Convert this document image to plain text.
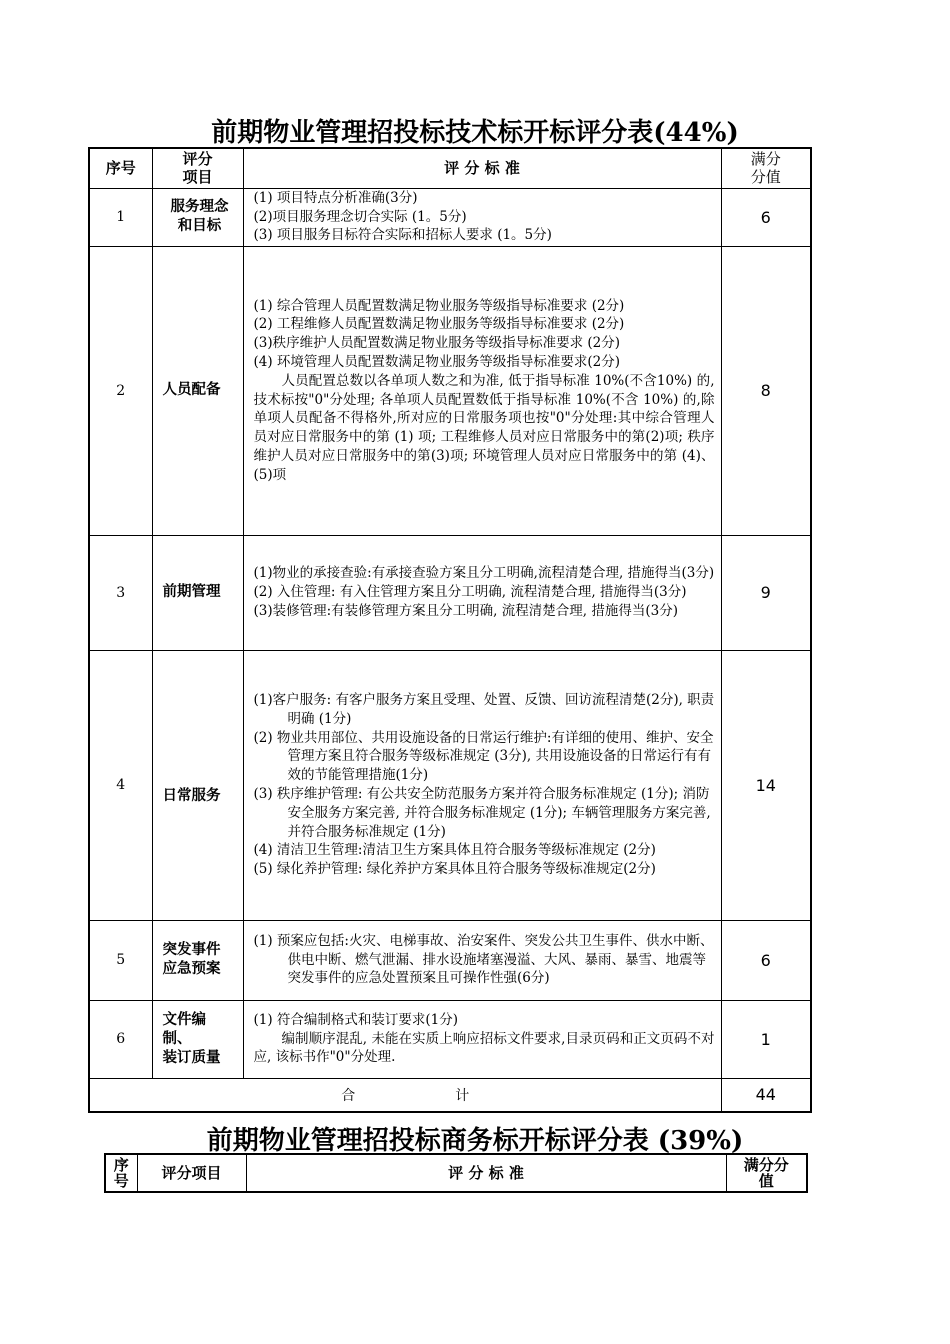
前期物业管理招投标技术标开标评分表(44%)
序号	评分
项目	评 分 标 准	满分
分值
1	服务理念
和目标	(1) 项目特点分析准确(3分)
(2)项目服务理念切合实际 (1。5分)
(3) 项目服务目标符合实际和招标人要求 (1。5分)	6
2	人员配备	(1) 综合管理人员配置数满足物业服务等级指导标准要求 (2分)
(2) 工程维修人员配置数满足物业服务等级指导标准要求 (2分)
(3)秩序维护人员配置数满足物业服务等级指导标准要求 (2分)
(4) 环境管理人员配置数满足物业服务等级指导标准要求(2分)
人员配置总数以各单项人数之和为准, 低于指导标准 10%(不含10%) 的, 技术标按"0"分处理; 各单项人员配置数低于指导标准 10%(不含 10%) 的,除单项人员配备不得格外,所对应的日常服务项也按"0"分处理:其中综合管理人员对应日常服务中的第 (1) 项; 工程维修人员对应日常服务中的第(2)项; 秩序维护人员对应日常服务中的第(3)项; 环境管理人员对应日常服务中的第 (4)、(5)项	8
3	前期管理	(1)物业的承接查验:有承接查验方案且分工明确,流程清楚合理, 措施得当(3分)
(2) 入住管理: 有入住管理方案且分工明确, 流程清楚合理, 措施得当(3分)
(3)装修管理:有装修管理方案且分工明确, 流程清楚合理, 措施得当(3分)	9
4	日常服务	(1)客户服务: 有客户服务方案且受理、处置、反馈、回访流程清楚(2分), 职责明确 (1分)
(2) 物业共用部位、共用设施设备的日常运行维护:有详细的使用、维护、安全管理方案且符合服务等级标准规定 (3分), 共用设施设备的日常运行有有效的节能管理措施(1分)
(3) 秩序维护管理: 有公共安全防范服务方案并符合服务标准规定 (1分); 消防安全服务方案完善, 并符合服务标准规定 (1分); 车辆管理服务方案完善, 并符合服务标准规定 (1分)
(4) 清洁卫生管理:清洁卫生方案具体且符合服务等级标准规定 (2分)
(5) 绿化养护管理: 绿化养护方案具体且符合服务等级标准规定(2分)	14
5	突发事件
应急预案	(1) 预案应包括:火灾、电梯事故、治安案件、突发公共卫生事件、供水中断、供电中断、燃气泄漏、排水设施堵塞漫溢、大风、暴雨、暴雪、地震等突发事件的应急处置预案且可操作性强(6分)	6
6	文件编
制、
装订质量	(1) 符合编制格式和装订要求(1分)
编制顺序混乱, 未能在实质上响应招标文件要求,目录页码和正文页码不对应, 该标书作"0"分处理.	1
合 计			44
前期物业管理招投标商务标开标评分表 (39%)
序
号	评分项目	评 分 标 准	满分分
值
